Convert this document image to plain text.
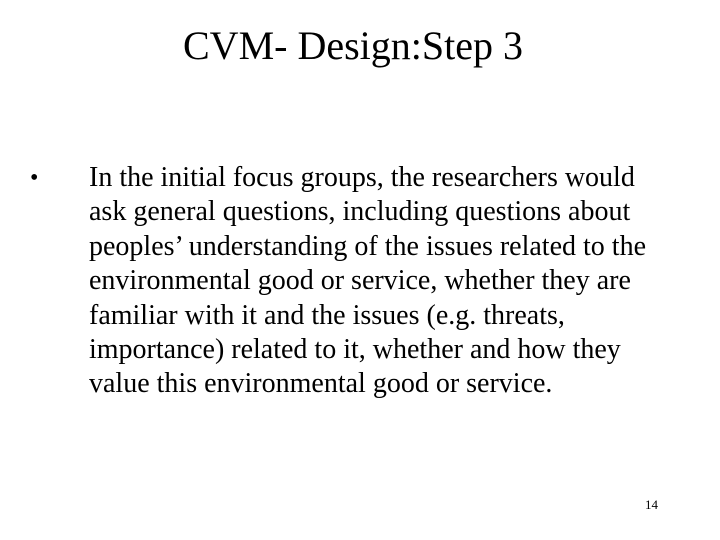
CVM- Design:Step 3
• In the initial focus groups, the researchers would ask general questions, including questions about peoples’ understanding of the issues related to the environmental good or service, whether they are familiar with it and the issues (e.g. threats, importance) related to it, whether and how they value this environmental good or service.
14
